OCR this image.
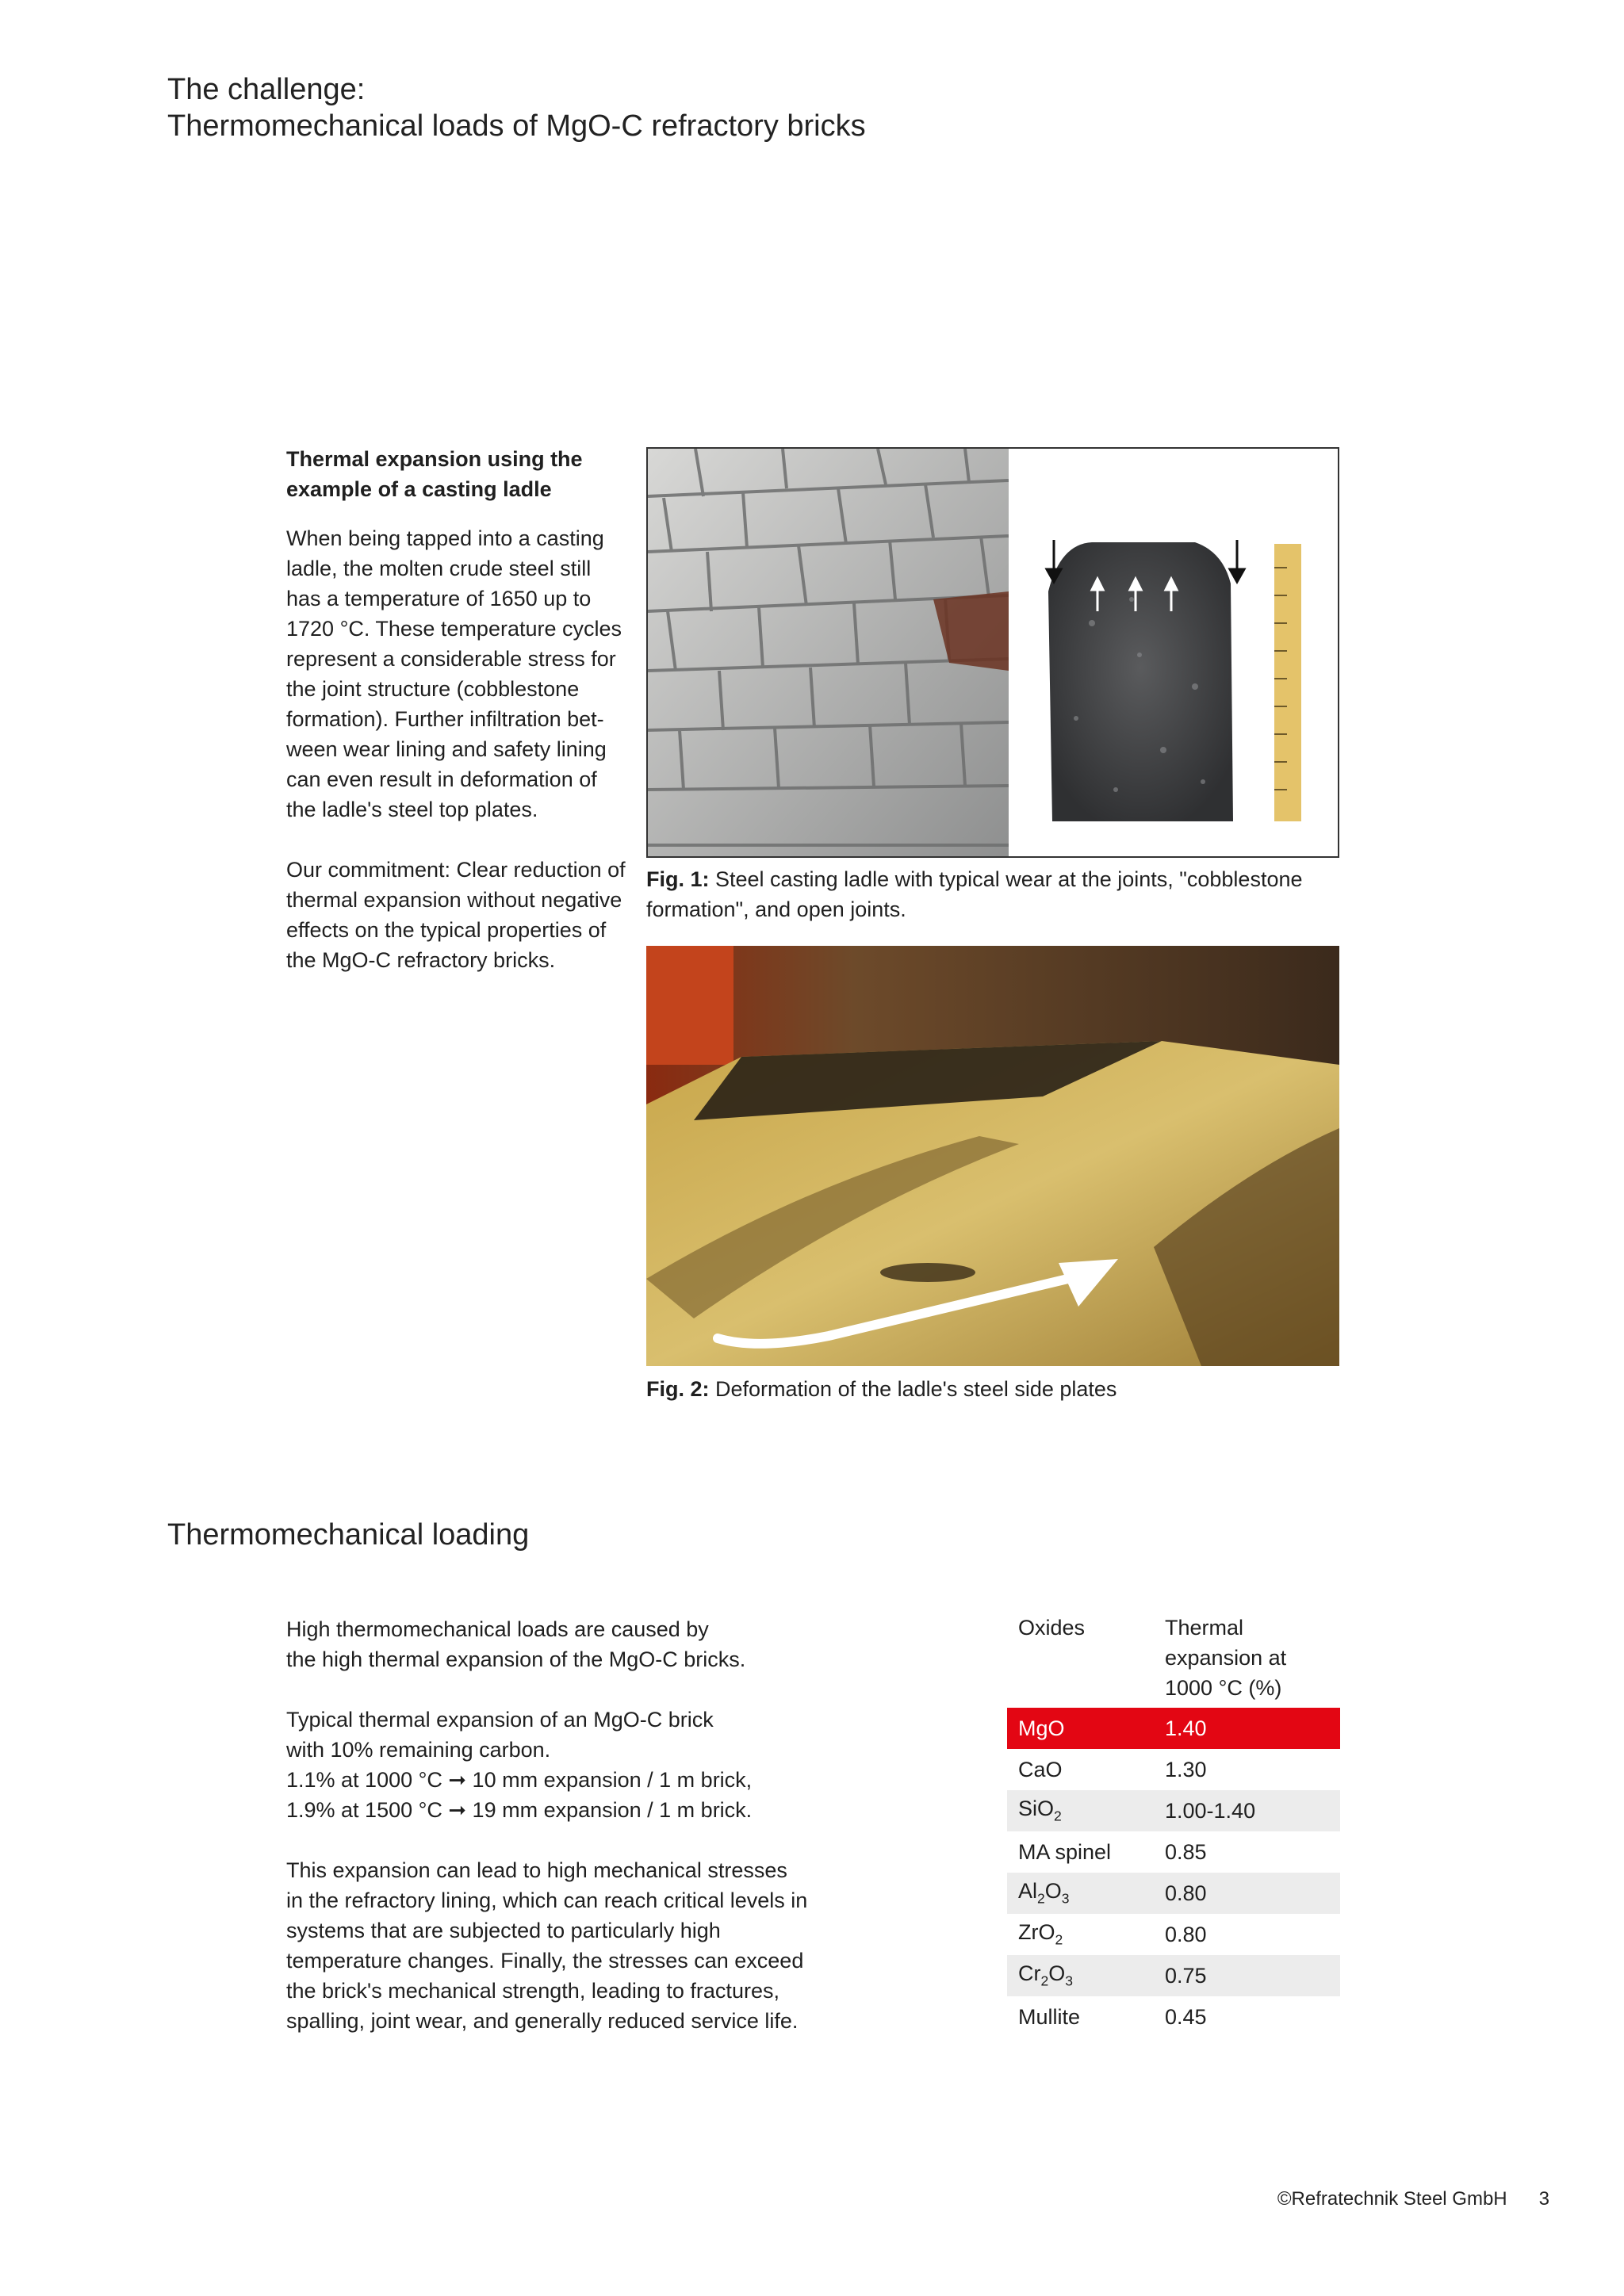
The challenge:
Thermomechanical loads of MgO-C refractory bricks
Thermal expansion using the example of a casting ladle

When being tapped into a casting ladle, the molten crude steel still has a temperature of 1650 up to 1720 °C. These temperature cycles represent a considerable stress for the joint structure (cobblestone formation). Further infiltration bet-ween wear lining and safety lining can even result in deformation of the ladle's steel top plates.

Our commitment: Clear reduction of thermal expansion without negative effects on the typical properties of the MgO-C refractory bricks.

Fig. 1: Steel casting ladle with typical wear at the joints, "cobblestone formation", and open joints.
Fig. 2: Deformation of the ladle's steel side plates
Thermomechanical loading

High thermomechanical loads are caused by
the high thermal expansion of the MgO-C bricks.

Typical thermal expansion of an MgO-C brick
with 10% remaining carbon.
1.1% at 1000 °C ➞ 10 mm expansion / 1 m brick,
1.9% at 1500 °C ➞ 19 mm expansion / 1 m brick.

This expansion can lead to high mechanical stresses in the refractory lining, which can reach critical levels in systems that are subjected to particularly high temperature changes. Finally, the stresses can exceed the brick's mechanical strength, leading to fractures, spalling, joint wear, and generally reduced service life.

Oxides	Thermal expansion at 1000 °C (%)
MgO	1.40
CaO	1.30
SiO$_2$	1.00-1.40
MA spinel	0.85
$Al_2O_3$	0.80
ZrO$_2$	0.80
$Cr_2O_3$	0.75
Mullite	0.45
©Refratechnik Steel GmbH 3
